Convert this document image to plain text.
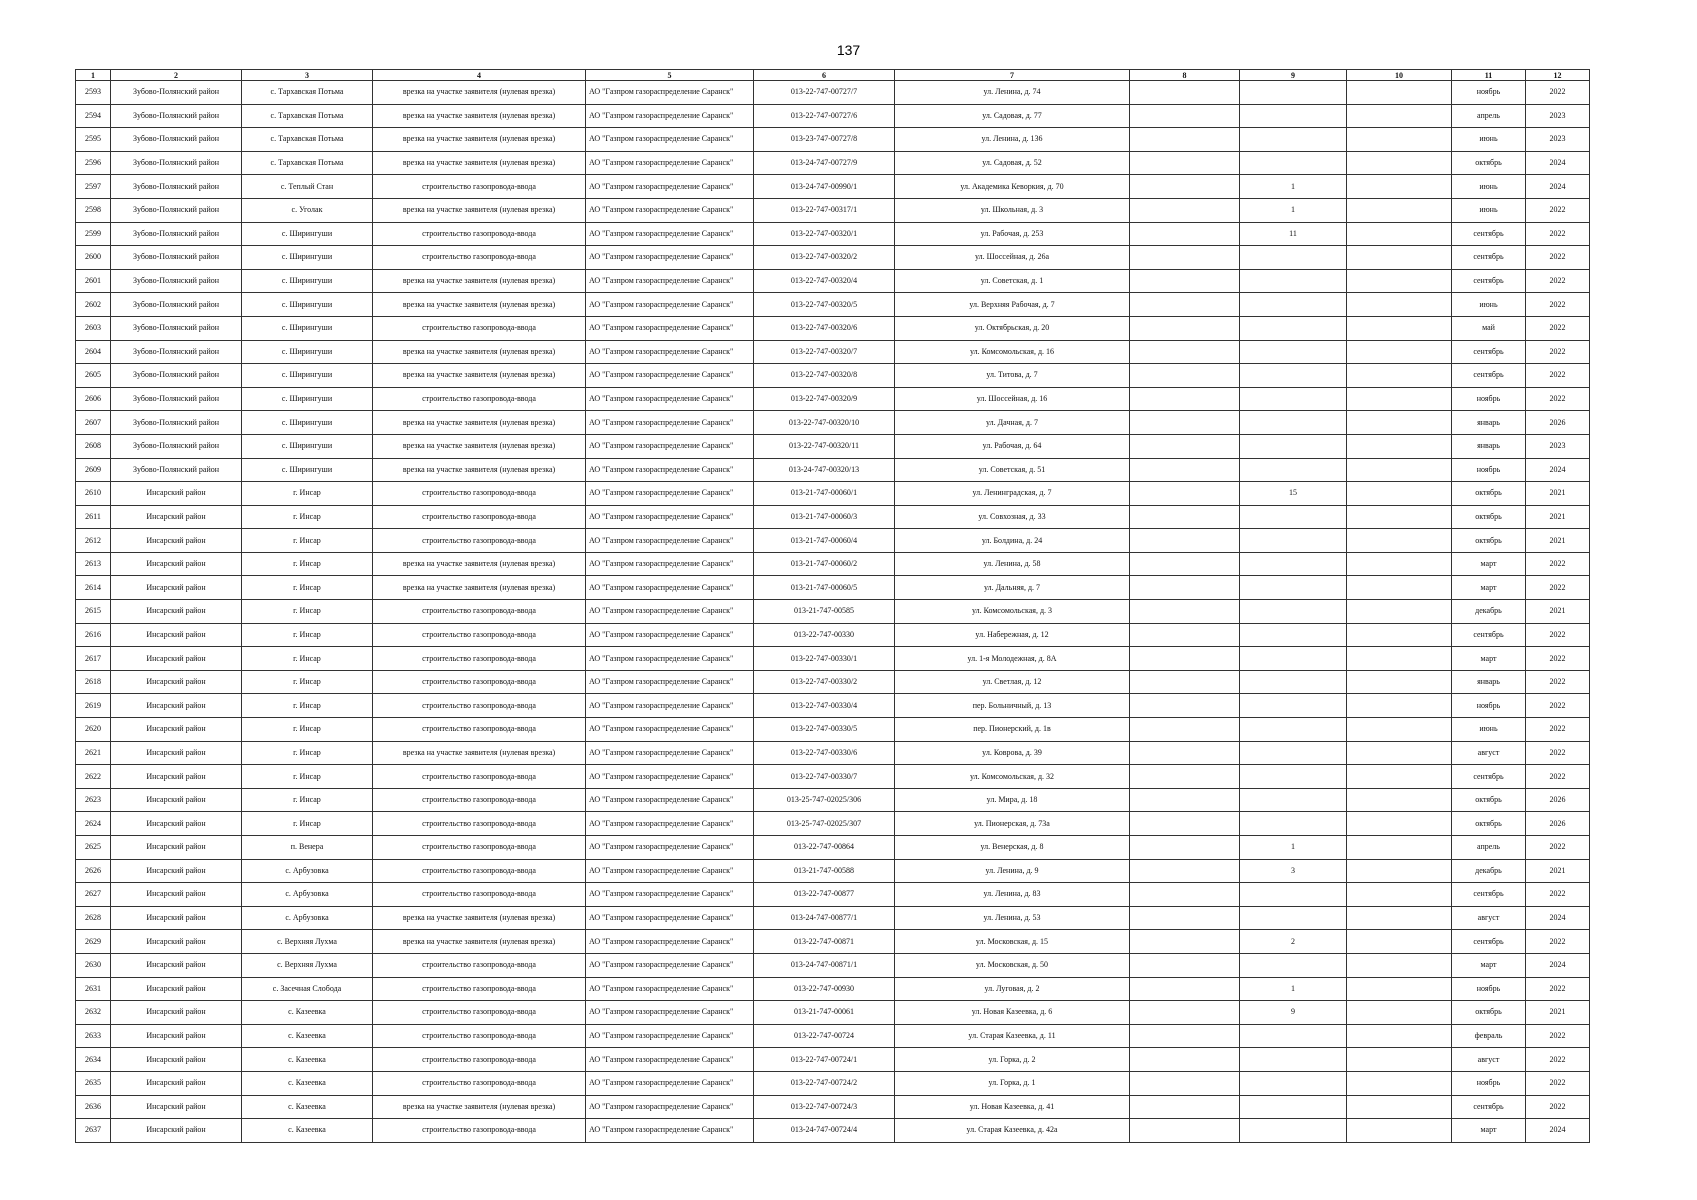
137
1	2	3	4	5	6	7	8	9	10	11	12
2593	Зубово-Полянский район	с. Тархавская Потьма	врезка на участке заявителя (нулевая врезка)	АО "Газпром газораспределение Саранск"	013-22-747-00727/7	ул. Ленина, д. 74				ноябрь	2022
2594	Зубово-Полянский район	с. Тархавская Потьма	врезка на участке заявителя (нулевая врезка)	АО "Газпром газораспределение Саранск"	013-22-747-00727/6	ул. Садовая, д. 77				апрель	2023
2595	Зубово-Полянский район	с. Тархавская Потьма	врезка на участке заявителя (нулевая врезка)	АО "Газпром газораспределение Саранск"	013-23-747-00727/8	ул. Ленина, д. 136				июнь	2023
2596	Зубово-Полянский район	с. Тархавская Потьма	врезка на участке заявителя (нулевая врезка)	АО "Газпром газораспределение Саранск"	013-24-747-00727/9	ул. Садовая, д. 52				октябрь	2024
2597	Зубово-Полянский район	с. Теплый Стан	строительство газопровода-ввода	АО "Газпром газораспределение Саранск"	013-24-747-00990/1	ул. Академика Кеворкия, д. 70		1		июнь	2024
2598	Зубово-Полянский район	с. Уголак	врезка на участке заявителя (нулевая врезка)	АО "Газпром газораспределение Саранск"	013-22-747-00317/1	ул. Школьная, д. 3		1		июнь	2022
2599	Зубово-Полянский район	с. Ширингуши	строительство газопровода-ввода	АО "Газпром газораспределение Саранск"	013-22-747-00320/1	ул. Рабочая, д. 253		11		сентябрь	2022
2600	Зубово-Полянский район	с. Ширингуши	строительство газопровода-ввода	АО "Газпром газораспределение Саранск"	013-22-747-00320/2	ул. Шоссейная, д. 26а				сентябрь	2022
2601	Зубово-Полянский район	с. Ширингуши	врезка на участке заявителя (нулевая врезка)	АО "Газпром газораспределение Саранск"	013-22-747-00320/4	ул. Советская, д. 1				сентябрь	2022
2602	Зубово-Полянский район	с. Ширингуши	врезка на участке заявителя (нулевая врезка)	АО "Газпром газораспределение Саранск"	013-22-747-00320/5	ул. Верхняя Рабочая, д. 7				июнь	2022
2603	Зубово-Полянский район	с. Ширингуши	строительство газопровода-ввода	АО "Газпром газораспределение Саранск"	013-22-747-00320/6	ул. Октябрьская, д. 20				май	2022
2604	Зубово-Полянский район	с. Ширингуши	врезка на участке заявителя (нулевая врезка)	АО "Газпром газораспределение Саранск"	013-22-747-00320/7	ул. Комсомольская, д. 16				сентябрь	2022
2605	Зубово-Полянский район	с. Ширингуши	врезка на участке заявителя (нулевая врезка)	АО "Газпром газораспределение Саранск"	013-22-747-00320/8	ул. Титова, д. 7				сентябрь	2022
2606	Зубово-Полянский район	с. Ширингуши	строительство газопровода-ввода	АО "Газпром газораспределение Саранск"	013-22-747-00320/9	ул. Шоссейная, д. 16				ноябрь	2022
2607	Зубово-Полянский район	с. Ширингуши	врезка на участке заявителя (нулевая врезка)	АО "Газпром газораспределение Саранск"	013-22-747-00320/10	ул. Дачная, д. 7				январь	2026
2608	Зубово-Полянский район	с. Ширингуши	врезка на участке заявителя (нулевая врезка)	АО "Газпром газораспределение Саранск"	013-22-747-00320/11	ул. Рабочая, д. 64				январь	2023
2609	Зубово-Полянский район	с. Ширингуши	врезка на участке заявителя (нулевая врезка)	АО "Газпром газораспределение Саранск"	013-24-747-00320/13	ул. Советская, д. 51				ноябрь	2024
2610	Инсарский район	г. Инсар	строительство газопровода-ввода	АО "Газпром газораспределение Саранск"	013-21-747-00060/1	ул. Ленинградская, д. 7		15		октябрь	2021
2611	Инсарский район	г. Инсар	строительство газопровода-ввода	АО "Газпром газораспределение Саранск"	013-21-747-00060/3	ул. Совхозная, д. 33				октябрь	2021
2612	Инсарский район	г. Инсар	строительство газопровода-ввода	АО "Газпром газораспределение Саранск"	013-21-747-00060/4	ул. Болдина, д. 24				октябрь	2021
2613	Инсарский район	г. Инсар	врезка на участке заявителя (нулевая врезка)	АО "Газпром газораспределение Саранск"	013-21-747-00060/2	ул. Ленина, д. 58				март	2022
2614	Инсарский район	г. Инсар	врезка на участке заявителя (нулевая врезка)	АО "Газпром газораспределение Саранск"	013-21-747-00060/5	ул. Дальняя, д. 7				март	2022
2615	Инсарский район	г. Инсар	строительство газопровода-ввода	АО "Газпром газораспределение Саранск"	013-21-747-00585	ул. Комсомольская, д. 3				декабрь	2021
2616	Инсарский район	г. Инсар	строительство газопровода-ввода	АО "Газпром газораспределение Саранск"	013-22-747-00330	ул. Набережная, д. 12				сентябрь	2022
2617	Инсарский район	г. Инсар	строительство газопровода-ввода	АО "Газпром газораспределение Саранск"	013-22-747-00330/1	ул. 1-я Молодежная, д. 8А				март	2022
2618	Инсарский район	г. Инсар	строительство газопровода-ввода	АО "Газпром газораспределение Саранск"	013-22-747-00330/2	ул. Светлая, д. 12				январь	2022
2619	Инсарский район	г. Инсар	строительство газопровода-ввода	АО "Газпром газораспределение Саранск"	013-22-747-00330/4	пер. Больничный, д. 13				ноябрь	2022
2620	Инсарский район	г. Инсар	строительство газопровода-ввода	АО "Газпром газораспределение Саранск"	013-22-747-00330/5	пер. Пионерский, д. 1в				июнь	2022
2621	Инсарский район	г. Инсар	врезка на участке заявителя (нулевая врезка)	АО "Газпром газораспределение Саранск"	013-22-747-00330/6	ул. Коврова, д. 39				август	2022
2622	Инсарский район	г. Инсар	строительство газопровода-ввода	АО "Газпром газораспределение Саранск"	013-22-747-00330/7	ул. Комсомольская, д. 32				сентябрь	2022
2623	Инсарский район	г. Инсар	строительство газопровода-ввода	АО "Газпром газораспределение Саранск"	013-25-747-02025/306	ул. Мира, д. 18				октябрь	2026
2624	Инсарский район	г. Инсар	строительство газопровода-ввода	АО "Газпром газораспределение Саранск"	013-25-747-02025/307	ул. Пионерская, д. 73а				октябрь	2026
2625	Инсарский район	п. Венера	строительство газопровода-ввода	АО "Газпром газораспределение Саранск"	013-22-747-00864	ул. Венерская, д. 8		1		апрель	2022
2626	Инсарский район	с. Арбузовка	строительство газопровода-ввода	АО "Газпром газораспределение Саранск"	013-21-747-00588	ул. Ленина, д. 9		3		декабрь	2021
2627	Инсарский район	с. Арбузовка	строительство газопровода-ввода	АО "Газпром газораспределение Саранск"	013-22-747-00877	ул. Ленина, д. 83				сентябрь	2022
2628	Инсарский район	с. Арбузовка	врезка на участке заявителя (нулевая врезка)	АО "Газпром газораспределение Саранск"	013-24-747-00877/1	ул. Ленина, д. 53				август	2024
2629	Инсарский район	с. Верхняя Лухма	врезка на участке заявителя (нулевая врезка)	АО "Газпром газораспределение Саранск"	013-22-747-00871	ул. Московская, д. 15		2		сентябрь	2022
2630	Инсарский район	с. Верхняя Лухма	строительство газопровода-ввода	АО "Газпром газораспределение Саранск"	013-24-747-00871/1	ул. Московская, д. 50				март	2024
2631	Инсарский район	с. Засечная Слобода	строительство газопровода-ввода	АО "Газпром газораспределение Саранск"	013-22-747-00930	ул. Луговая, д. 2		1		ноябрь	2022
2632	Инсарский район	с. Казеевка	строительство газопровода-ввода	АО "Газпром газораспределение Саранск"	013-21-747-00061	ул. Новая Казеевка, д. 6		9		октябрь	2021
2633	Инсарский район	с. Казеевка	строительство газопровода-ввода	АО "Газпром газораспределение Саранск"	013-22-747-00724	ул. Старая Казеевка, д. 11				февраль	2022
2634	Инсарский район	с. Казеевка	строительство газопровода-ввода	АО "Газпром газораспределение Саранск"	013-22-747-00724/1	ул. Горка, д. 2				август	2022
2635	Инсарский район	с. Казеевка	строительство газопровода-ввода	АО "Газпром газораспределение Саранск"	013-22-747-00724/2	ул. Горка, д. 1				ноябрь	2022
2636	Инсарский район	с. Казеевка	врезка на участке заявителя (нулевая врезка)	АО "Газпром газораспределение Саранск"	013-22-747-00724/3	ул. Новая Казеевка, д. 41				сентябрь	2022
2637	Инсарский район	с. Казеевка	строительство газопровода-ввода	АО "Газпром газораспределение Саранск"	013-24-747-00724/4	ул. Старая Казеевка, д. 42а				март	2024
